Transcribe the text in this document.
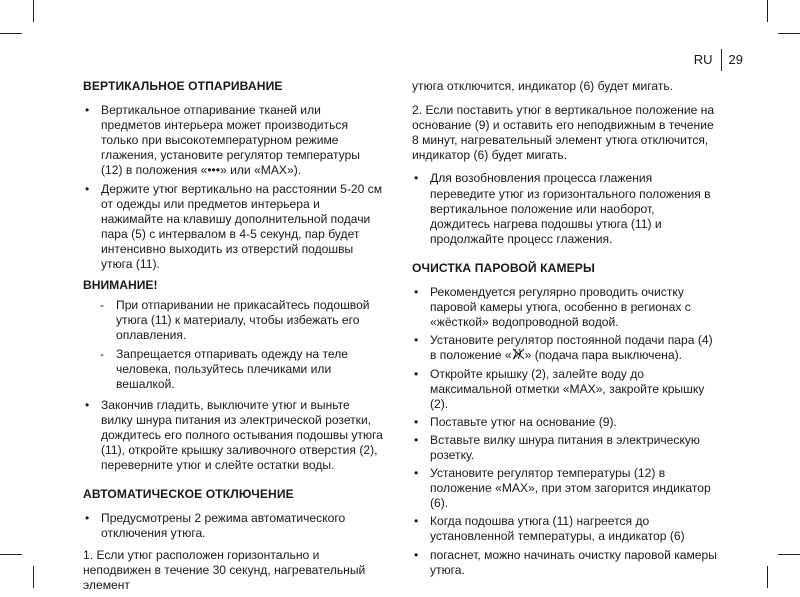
RU 29
ВЕРТИКАЛЬНОЕ ОТПАРИВАНИЕ
• Вертикальное отпаривание тканей или предметов интерьера может производиться только при высокотемпературном режиме глажения, установите регулятор температуры (12) в положения «•••» или «МАХ»).
• Держите утюг вертикально на расстоянии 5-20 см от одежды или предметов интерьера и нажимайте на клавишу дополнительной подачи пара (5) с интервалом в 4-5 секунд, пар будет интенсивно выходить из отверстий подошвы утюга (11).
ВНИМАНИЕ!
- При отпаривании не прикасайтесь подошвой утюга (11) к материалу, чтобы избежать его оплавления.
- Запрещается отпаривать одежду на теле человека, пользуйтесь плечиками или вешалкой.
• Закончив гладить, выключите утюг и выньте вилку шнура питания из электрической розетки, дождитесь его полного остывания подошвы утюга (11), откройте крышку заливочного отверстия (2), переверните утюг и слейте остатки воды.
АВТОМАТИЧЕСКОЕ ОТКЛЮЧЕНИЕ
• Предусмотрены 2 режима автоматического отключения утюга.

1. Если утюг расположен горизонтально и неподвижен в течение 30 секунд, нагревательный элемент

утюга отключится, индикатор (6) будет мигать.

2. Если поставить утюг в вертикальное положение на основание (9) и оставить его неподвижным в течение 8 минут, нагревательный элемент утюга отключится, индикатор (6) будет мигать.

• Для возобновления процесса глажения переведите утюг из горизонтального положения в вертикальное положение или наоборот, дождитесь нагрева подошвы утюга (11) и продолжайте процесс глажения.
ОЧИСТКА ПАРОВОЙ КАМЕРЫ
• Рекомендуется регулярно проводить очистку паровой камеры утюга, особенно в регионах с «жёсткой» водопроводной водой.
• Установите регулятор постоянной подачи пара (4) в положение « » (подача пара выключена).
• Откройте крышку (2), залейте воду до максимальной отметки «MAX», закройте крышку (2).
• Поставьте утюг на основание (9).
• Вставьте вилку шнура питания в электрическую розетку.
• Установите регулятор температуры (12) в положение «МАХ», при этом загорится индикатор (6).
• Когда подошва утюга (11) нагреется до установленной температуры, а индикатор (6)
• погаснет, можно начинать очистку паровой камеры утюга.
